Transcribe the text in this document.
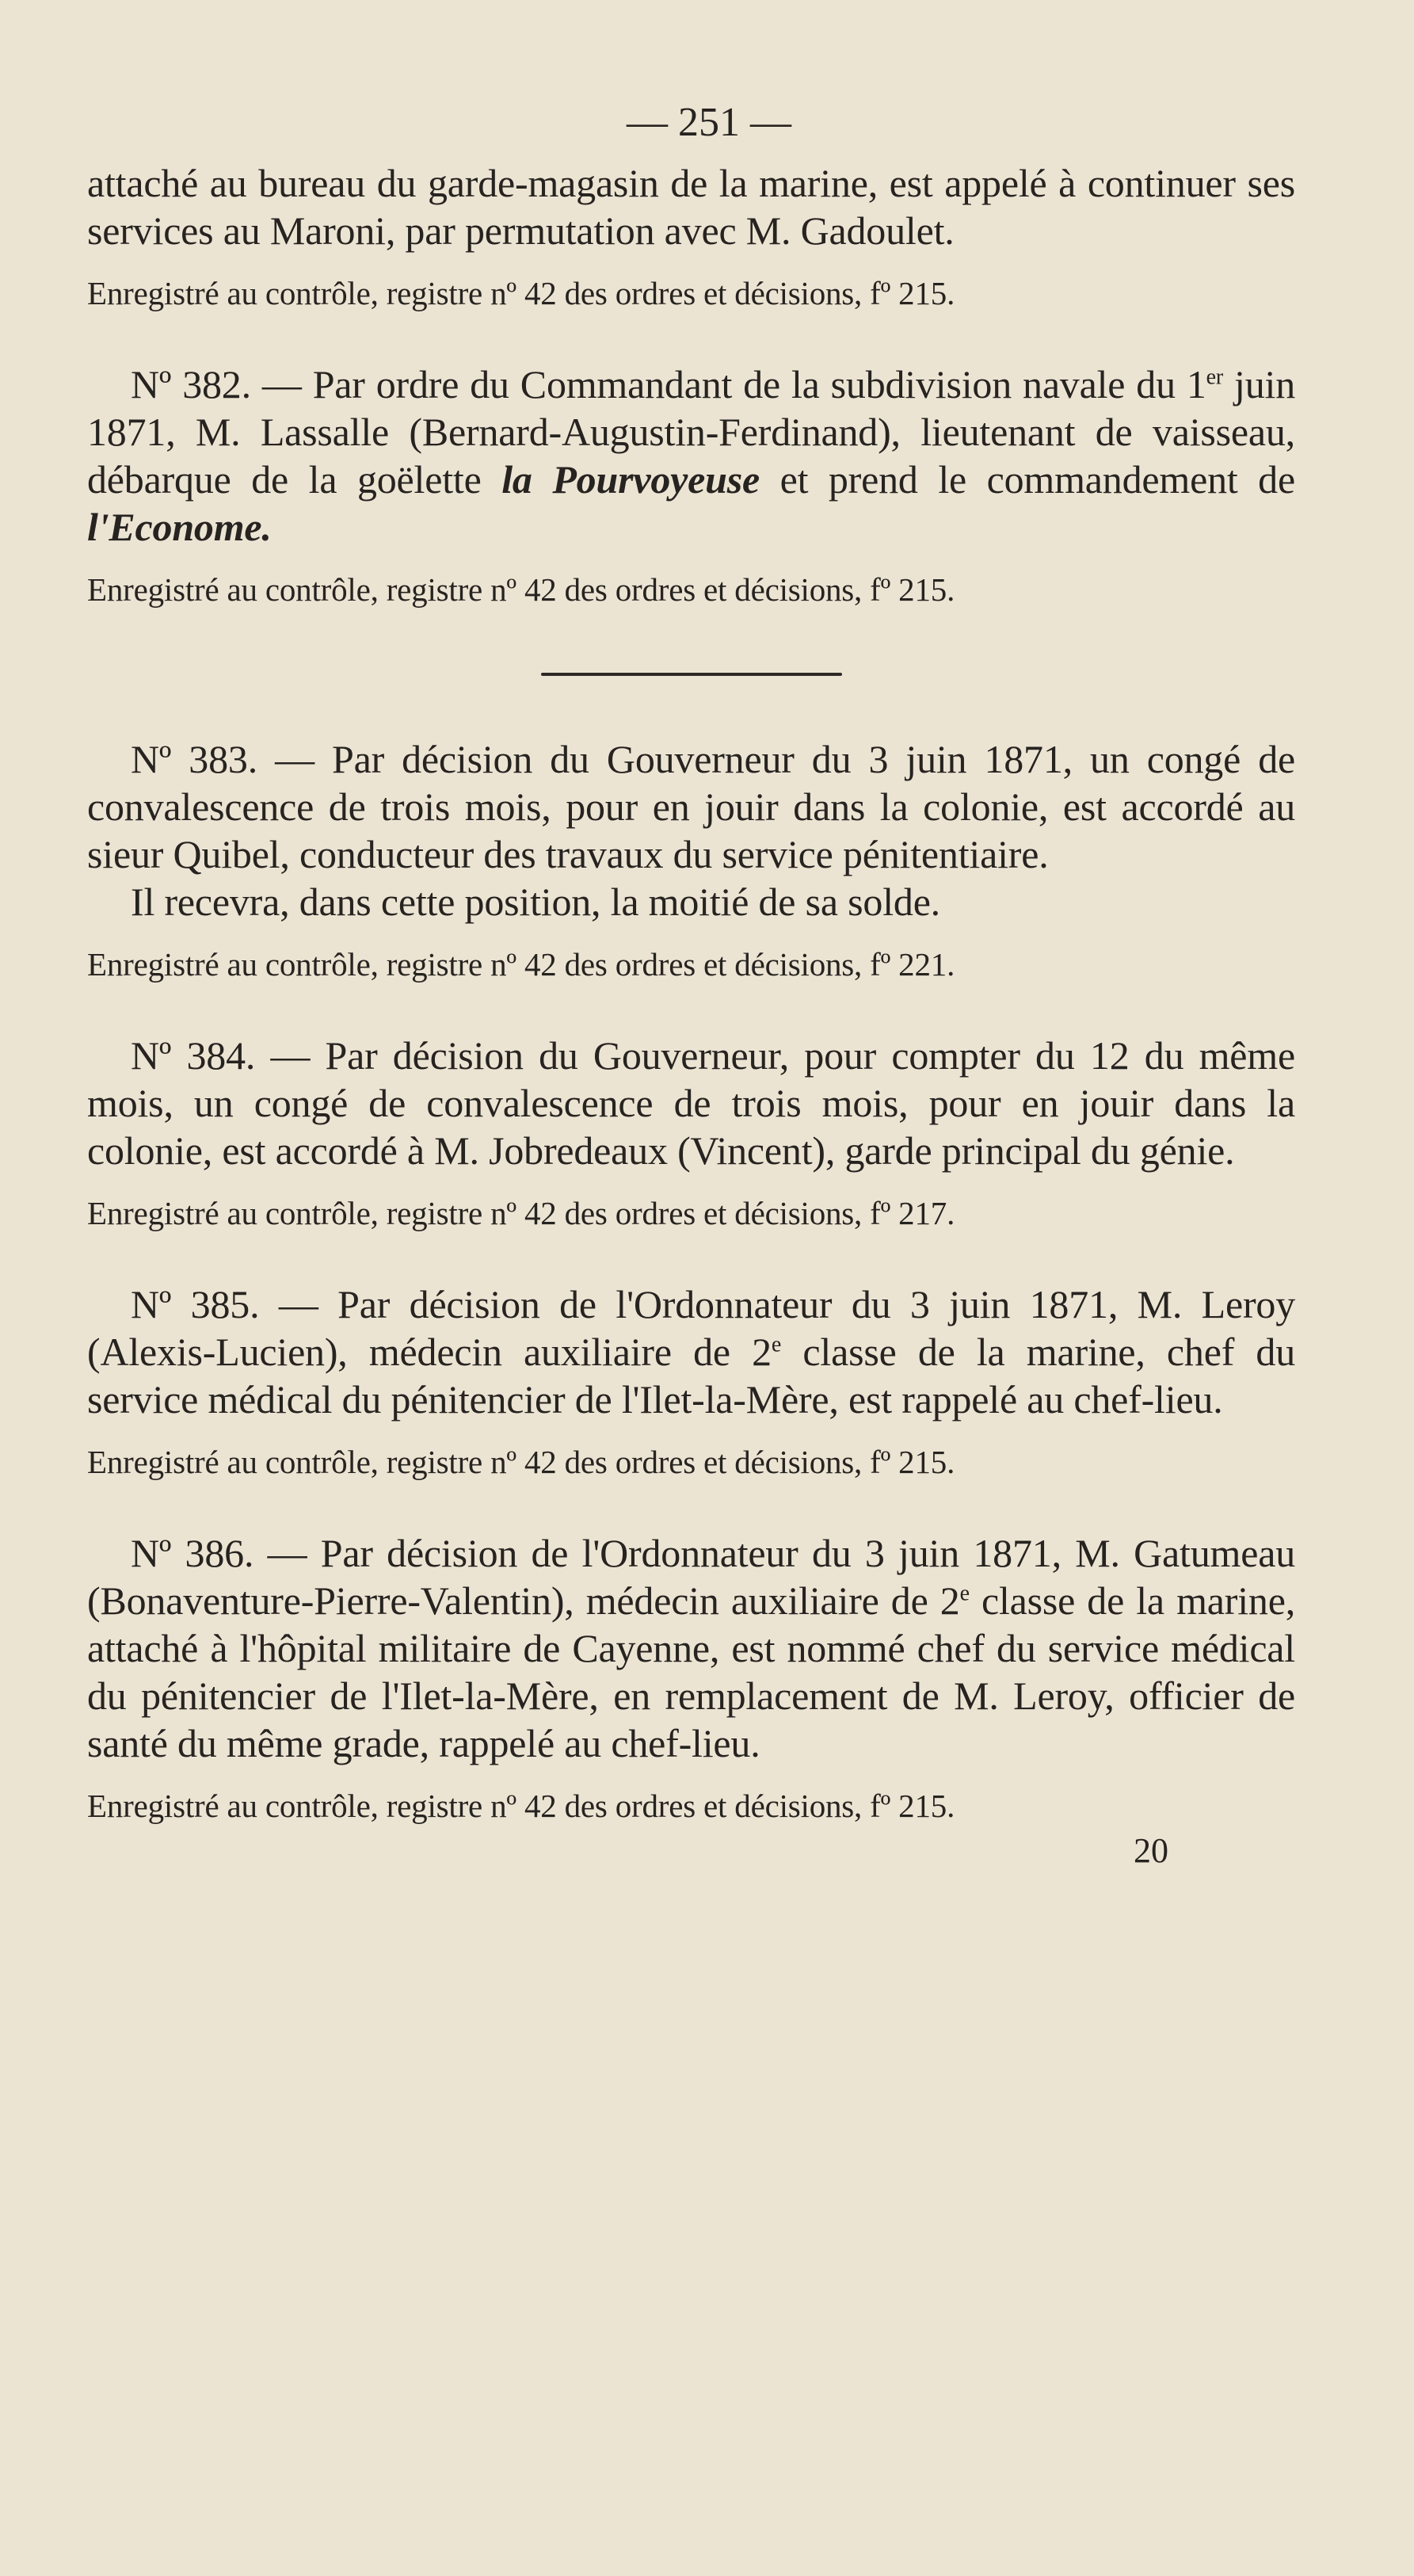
— 251 —

attaché au bureau du garde-magasin de la marine, est appelé à continuer ses services au Maroni, par permutation avec M. Gadoulet.

Enregistré au contrôle, registre nº 42 des ordres et décisions, fº 215.

Nº 382. — Par ordre du Commandant de la subdivision navale du 1er juin 1871, M. Lassalle (Bernard-Augustin-Ferdinand), lieutenant de vaisseau, débarque de la goëlette la Pourvoyeuse et prend le commandement de l'Econome.

Enregistré au contrôle, registre nº 42 des ordres et décisions, fº 215.

Nº 383. — Par décision du Gouverneur du 3 juin 1871, un congé de convalescence de trois mois, pour en jouir dans la colonie, est accordé au sieur Quibel, conducteur des travaux du service pénitentiaire.

Il recevra, dans cette position, la moitié de sa solde.

Enregistré au contrôle, registre nº 42 des ordres et décisions, fº 221.

Nº 384. — Par décision du Gouverneur, pour compter du 12 du même mois, un congé de convalescence de trois mois, pour en jouir dans la colonie, est accordé à M. Jobredeaux (Vincent), garde principal du génie.

Enregistré au contrôle, registre nº 42 des ordres et décisions, fº 217.

Nº 385. — Par décision de l'Ordonnateur du 3 juin 1871, M. Leroy (Alexis-Lucien), médecin auxiliaire de 2e classe de la marine, chef du service médical du pénitencier de l'Ilet-la-Mère, est rappelé au chef-lieu.

Enregistré au contrôle, registre nº 42 des ordres et décisions, fº 215.

Nº 386. — Par décision de l'Ordonnateur du 3 juin 1871, M. Gatumeau (Bonaventure-Pierre-Valentin), médecin auxiliaire de 2e classe de la marine, attaché à l'hôpital militaire de Cayenne, est nommé chef du service médical du pénitencier de l'Ilet-la-Mère, en remplacement de M. Leroy, officier de santé du même grade, rappelé au chef-lieu.

Enregistré au contrôle, registre nº 42 des ordres et décisions, fº 215.

20
